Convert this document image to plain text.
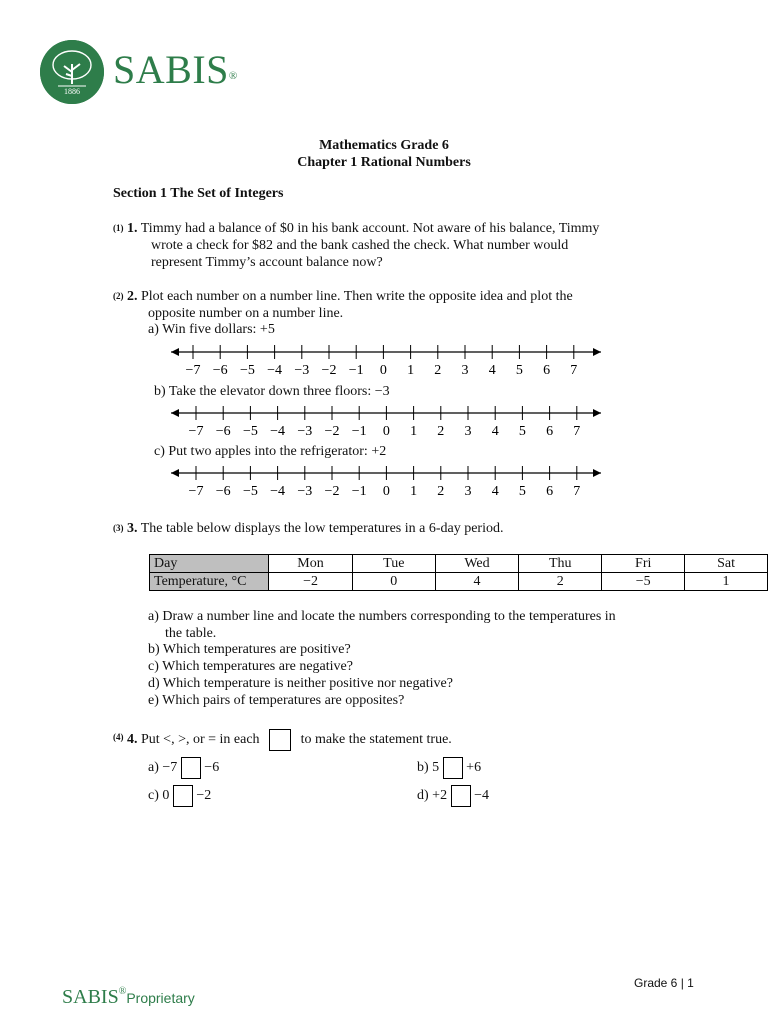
1886 SABIS®
Mathematics Grade 6
Chapter 1 Rational Numbers
Section 1 The Set of Integers
$^{(1)}$ 1. Timmy had a balance of $0 in his bank account. Not aware of his balance, Timmy
wrote a check for $82 and the bank cashed the check. What number would
represent Timmy’s account balance now?
$^{(2)}$ 2. Plot each number on a number line. Then write the opposite idea and plot the
opposite number on a number line.
a) Win five dollars: +5
−7 −6 −5 −4 −3 −2 −1 0 1 2 3 4 5 6 7
b) Take the elevator down three floors: −3
−7 −6 −5 −4 −3 −2 −1 0 1 2 3 4 5 6 7
c) Put two apples into the refrigerator: +2
−7 −6 −5 −4 −3 −2 −1 0 1 2 3 4 5 6 7
$^{(3)}$ 3. The table below displays the low temperatures in a 6-day period.
Day	Mon	Tue	Wed	Thu	Fri	Sat
Temperature, °C	−2	0	4	2	−5	1
a) Draw a number line and locate the numbers corresponding to the temperatures in
the table.
b) Which temperatures are positive?
c) Which temperatures are negative?
d) Which temperature is neither positive nor negative?
e) Which pairs of temperatures are opposites?
$^{(4)}$ 4. Put <, >, or = in each	to make the statement true.
a) −7 −6	b) 5 +6
c) 0 −2	d) +2 −4
Grade 6 | 1
SABIS®Proprietary
